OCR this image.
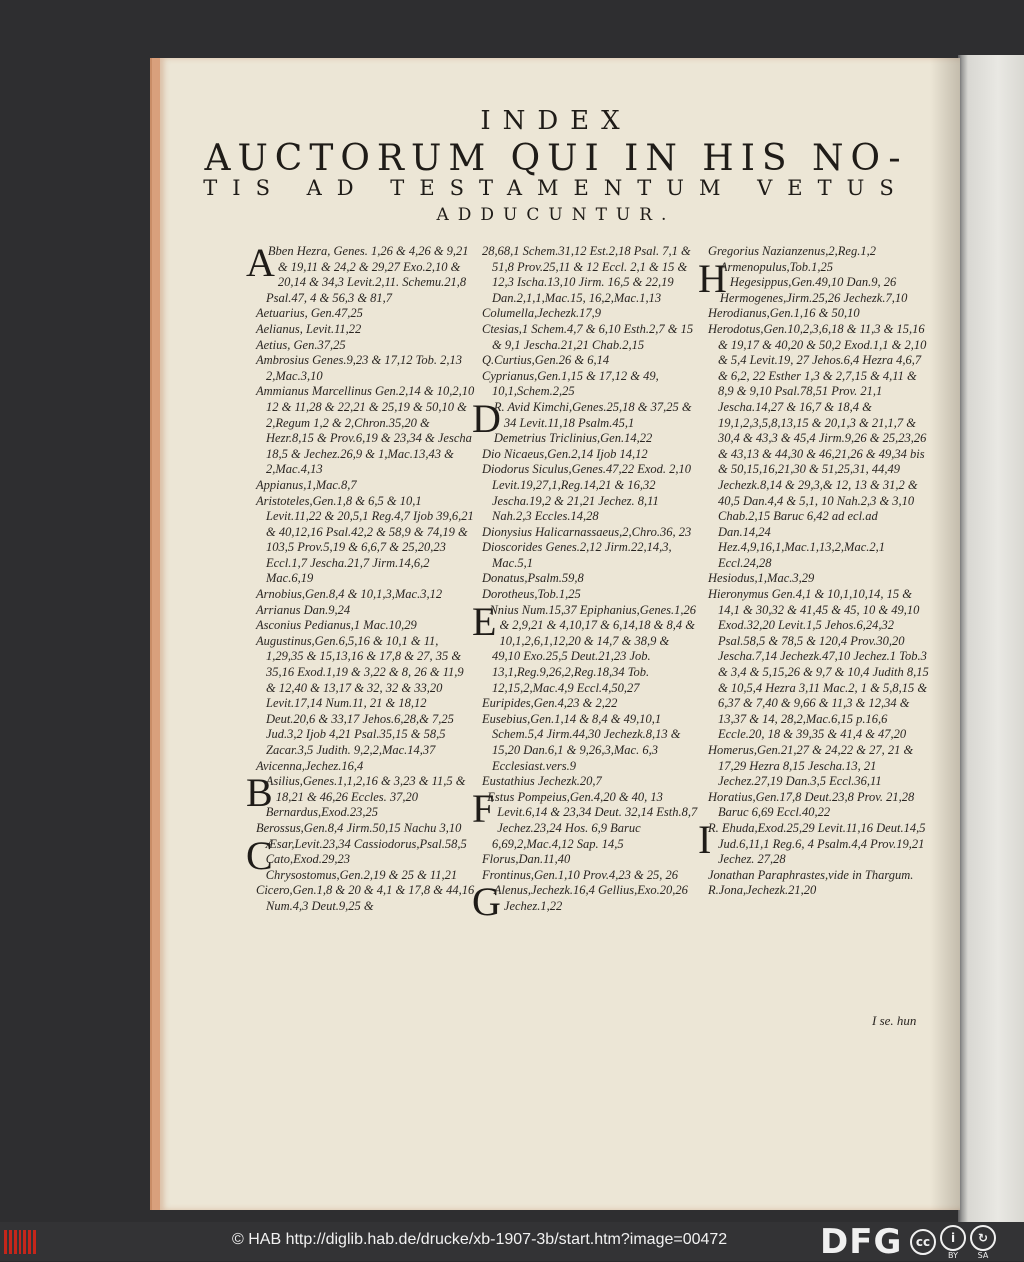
INDEX
AUCTORUM QUI IN HIS NO-
TIS AD TESTAMENTUM VETUS
ADDUCUNTUR.

A
Bben Hezra, Genes. 1,26 & 4,26 & 9,21 & 19,11 & 24,2 & 29,27 Exo.2,10 & 20,14 & 34,3 Levit.2,11. Schemu.21,8 Psal.47, 4 & 56,3 & 81,7

Aetuarius, Gen.47,25

Aelianus, Levit.11,22

Aetius, Gen.37,25

Ambrosius Genes.9,23 & 17,12 Tob. 2,13 2,Mac.3,10

Ammianus Marcellinus Gen.2,14 & 10,2,10 12 & 11,28 & 22,21 & 25,19 & 50,10 & 2,Regum 1,2 & 2,Chron.35,20 & Hezr.8,15 & Prov.6,19 & 23,34 & Jescha 18,5 & Jechez.26,9 & 1,Mac.13,43 & 2,Mac.4,13

Appianus,1,Mac.8,7

Aristoteles,Gen.1,8 & 6,5 & 10,1 Levit.11,22 & 20,5,1 Reg.4,7 Ijob 39,6,21 & 40,12,16 Psal.42,2 & 58,9 & 74,19 & 103,5 Prov.5,19 & 6,6,7 & 25,20,23 Eccl.1,7 Jescha.21,7 Jirm.14,6,2 Mac.6,19

Arnobius,Gen.8,4 & 10,1,3,Mac.3,12

Arrianus Dan.9,24

Asconius Pedianus,1 Mac.10,29

Augustinus,Gen.6,5,16 & 10,1 & 11, 1,29,35 & 15,13,16 & 17,8 & 27, 35 & 35,16 Exod.1,19 & 3,22 & 8, 26 & 11,9 & 12,40 & 13,17 & 32, 32 & 33,20 Levit.17,14 Num.11, 21 & 18,12 Deut.20,6 & 33,17 Jehos.6,28,& 7,25 Jud.3,2 Ijob 4,21 Psal.35,15 & 58,5 Zacar.3,5 Judith. 9,2,2,Mac.14,37

Avicenna,Jechez.16,4

B
Asilius,Genes.1,1,2,16 & 3,23 & 11,5 & 18,21 & 46,26 Eccles. 37,20

Bernardus,Exod.23,25

Berossus,Gen.8,4 Jirm.50,15 Nachu 3,10

C
Æsar,Levit.23,34 Cassiodorus,Psal.58,5

Cato,Exod.29,23

Chrysostomus,Gen.2,19 & 25 & 11,21

Cicero,Gen.1,8 & 20 & 4,1 & 17,8 & 44,16 Num.4,3 Deut.9,25 &

28,68,1 Schem.31,12 Est.2,18 Psal. 7,1 & 51,8 Prov.25,11 & 12 Eccl. 2,1 & 15 & 12,3 Ischa.13,10 Jirm. 16,5 & 22,19 Dan.2,1,1,Mac.15, 16,2,Mac.1,13

Columella,Jechezk.17,9

Ctesias,1 Schem.4,7 & 6,10 Esth.2,7 & 15 & 9,1 Jescha.21,21 Chab.2,15

Q.Curtius,Gen.26 & 6,14

Cyprianus,Gen.1,15 & 17,12 & 49, 10,1,Schem.2,25

D
R. Avid Kimchi,Genes.25,18 & 37,25 & 34 Levit.11,18 Psalm.45,1

Demetrius Triclinius,Gen.14,22

Dio Nicaeus,Gen.2,14 Ijob 14,12

Diodorus Siculus,Genes.47,22 Exod. 2,10 Levit.19,27,1,Reg.14,21 & 16,32 Jescha.19,2 & 21,21 Jechez. 8,11 Nah.2,3 Eccles.14,28

Dionysius Halicarnassaeus,2,Chro.36, 23

Dioscorides Genes.2,12 Jirm.22,14,3, Mac.5,1

Donatus,Psalm.59,8

Dorotheus,Tob.1,25

E
Nnius Num.15,37 Epiphanius,Genes.1,26 & 2,9,21 & 4,10,17 & 6,14,18 & 8,4 & 10,1,2,6,1,12,20 & 14,7 & 38,9 & 49,10 Exo.25,5 Deut.21,23 Job. 13,1,Reg.9,26,2,Reg.18,34 Tob. 12,15,2,Mac.4,9 Eccl.4,50,27

Euripides,Gen.4,23 & 2,22

Eusebius,Gen.1,14 & 8,4 & 49,10,1 Schem.5,4 Jirm.44,30 Jechezk.8,13 & 15,20 Dan.6,1 & 9,26,3,Mac. 6,3 Ecclesiast.vers.9

Eustathius Jechezk.20,7

F
Estus Pompeius,Gen.4,20 & 40, 13 Levit.6,14 & 23,34 Deut. 32,14 Esth.8,7 Jechez.23,24 Hos. 6,9 Baruc 6,69,2,Mac.4,12 Sap. 14,5

Florus,Dan.11,40

Frontinus,Gen.1,10 Prov.4,23 & 25, 26

G
Alenus,Jechezk.16,4 Gellius,Exo.20,26 Jechez.1,22

Gregorius Nazianzenus,2,Reg.1,2

H
Armenopulus,Tob.1,25 Hegesippus,Gen.49,10 Dan.9, 26

Hermogenes,Jirm.25,26 Jechezk.7,10

Herodianus,Gen.1,16 & 50,10

Herodotus,Gen.10,2,3,6,18 & 11,3 & 15,16 & 19,17 & 40,20 & 50,2 Exod.1,1 & 2,10 & 5,4 Levit.19, 27 Jehos.6,4 Hezra 4,6,7 & 6,2, 22 Esther 1,3 & 2,7,15 & 4,11 & 8,9 & 9,10 Psal.78,51 Prov. 21,1 Jescha.14,27 & 16,7 & 18,4 & 19,1,2,3,5,8,13,15 & 20,1,3 & 21,1,7 & 30,4 & 43,3 & 45,4 Jirm.9,26 & 25,23,26 & 43,13 & 44,30 & 46,21,26 & 49,34 bis & 50,15,16,21,30 & 51,25,31, 44,49 Jechezk.8,14 & 29,3,& 12, 13 & 31,2 & 40,5 Dan.4,4 & 5,1, 10 Nah.2,3 & 3,10 Chab.2,15 Baruc 6,42 ad ecl.ad Dan.14,24 Hez.4,9,16,1,Mac.1,13,2,Mac.2,1 Eccl.24,28

Hesiodus,1,Mac.3,29

Hieronymus Gen.4,1 & 10,1,10,14, 15 & 14,1 & 30,32 & 41,45 & 45, 10 & 49,10 Exod.32,20 Levit.1,5 Jehos.6,24,32 Psal.58,5 & 78,5 & 120,4 Prov.30,20 Jescha.7,14 Jechezk.47,10 Jechez.1 Tob.3 & 3,4 & 5,15,26 & 9,7 & 10,4 Judith 8,15 & 10,5,4 Hezra 3,11 Mac.2, 1 & 5,8,15 & 6,37 & 7,40 & 9,66 & 11,3 & 12,34 & 13,37 & 14, 28,2,Mac.6,15 p.16,6 Eccle.20, 18 & 39,35 & 41,4 & 47,20

Homerus,Gen.21,27 & 24,22 & 27, 21 & 17,29 Hezra 8,15 Jescha.13, 21 Jechez.27,19 Dan.3,5 Eccl.36,11

Horatius,Gen.17,8 Deut.23,8 Prov. 21,28 Baruc 6,69 Eccl.40,22

I
R. Ehuda,Exod.25,29 Levit.11,16 Deut.14,5 Jud.6,11,1 Reg.6, 4 Psalm.4,4 Prov.19,21 Jechez. 27,28

Jonathan Paraphrastes,vide in Thargum.

R.Jona,Jechezk.21,20

I se. hun
© HAB http://diglib.hab.de/drucke/xb-1907-3b/start.htm?image=00472	DFG	cc	i
BY
↻
SA
